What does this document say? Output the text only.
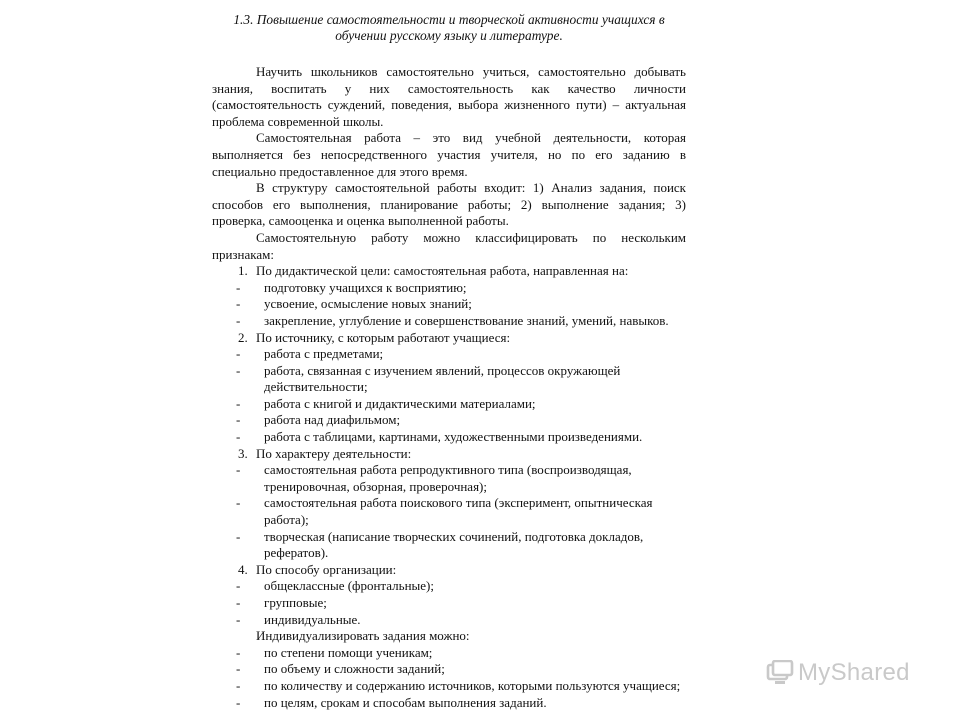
1.3. Повышение самостоятельности и творческой активности учащихся в
обучении русскому языку и литературе.

Научить школьников самостоятельно учиться, самостоятельно добывать знания, воспитать у них самостоятельность как качество личности (самостоятельность суждений, поведения, выбора жизненного пути) – актуальная проблема современной школы.

Самостоятельная работа – это вид учебной деятельности, которая выполняется без непосредственного участия учителя, но по его заданию в специально предоставленное для этого время.

В структуру самостоятельной работы входит: 1) Анализ задания, поиск способов его выполнения, планирование работы; 2) выполнение задания; 3) проверка, самооценка и оценка выполненной работы.

Самостоятельную работу можно классифицировать по нескольким признакам:

1. По дидактической цели: самостоятельная работа, направленная на:
- подготовку учащихся к восприятию;
- усвоение, осмысление новых знаний;
- закрепление, углубление и совершенствование знаний, умений, навыков.
2. По источнику, с которым работают учащиеся:
- работа с предметами;
- работа, связанная с изучением явлений, процессов окружающей действительности;
- работа с книгой и дидактическими материалами;
- работа над диафильмом;
- работа с таблицами, картинами, художественными произведениями.
3. По характеру деятельности:
- самостоятельная работа репродуктивного типа (воспроизводящая, тренировочная, обзорная, проверочная);
- самостоятельная работа поискового типа (эксперимент, опытническая работа);
- творческая (написание творческих сочинений, подготовка докладов, рефератов).
4. По способу организации:
- общеклассные (фронтальные);
- групповые;
- индивидуальные.
Индивидуализировать задания можно:
- по степени помощи ученикам;
- по объему и сложности заданий;
- по количеству и содержанию источников, которыми пользуются учащиеся;
- по целям, срокам и способам выполнения заданий.
MyShared
